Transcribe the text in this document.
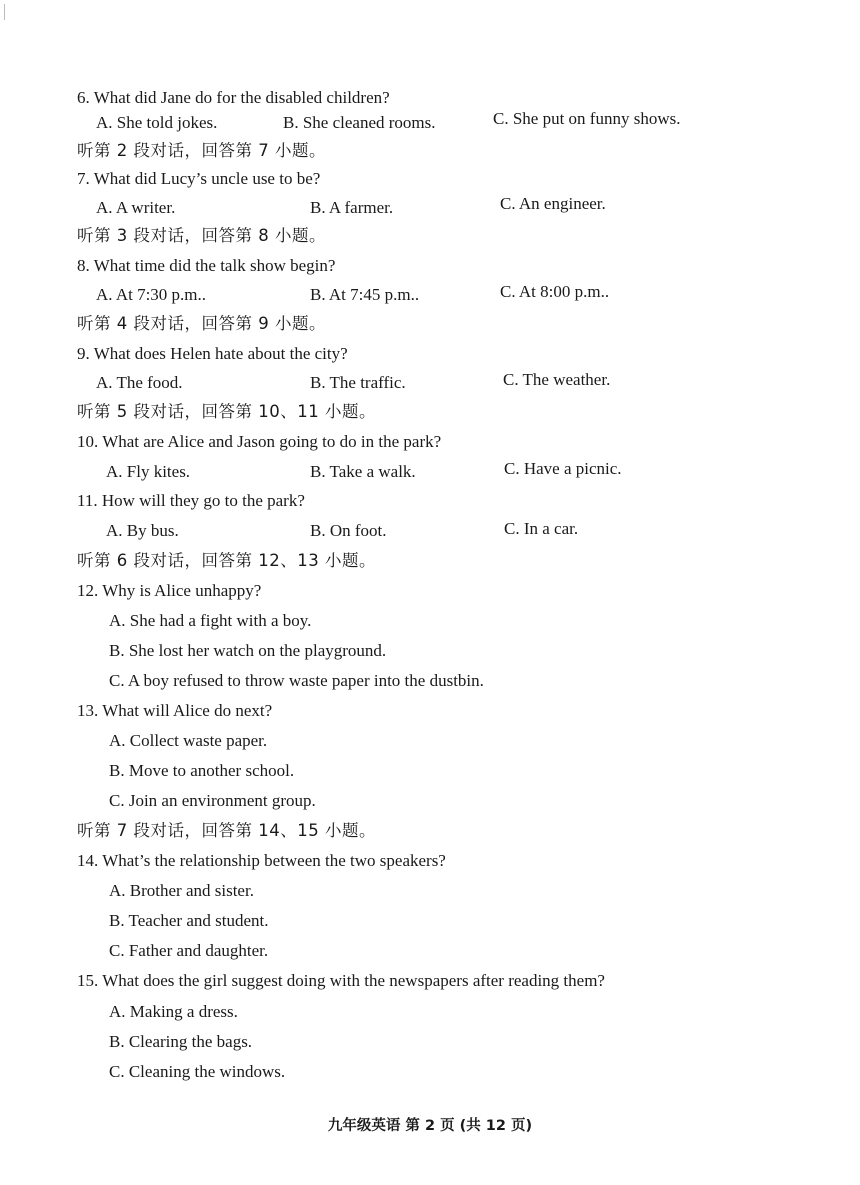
6. What did Jane do for the disabled children?
A. She told jokes.	B. She cleaned rooms.	C. She put on funny shows.
听第 2 段对话，回答第 7 小题。
7. What did Lucy’s uncle use to be?
A. A writer.	B. A farmer.	C. An engineer.
听第 3 段对话，回答第 8 小题。
8. What time did the talk show begin?
A. At 7:30 p.m..	B. At 7:45 p.m..	C. At 8:00 p.m..
听第 4 段对话，回答第 9 小题。
9. What does Helen hate about the city?
A. The food.	B. The traffic.	C. The weather.
听第 5 段对话，回答第 10、11 小题。
10. What are Alice and Jason going to do in the park?
A. Fly kites.	B. Take a walk.	C. Have a picnic.
11. How will they go to the park?
A. By bus.	B. On foot.	C. In a car.
听第 6 段对话，回答第 12、13 小题。
12. Why is Alice unhappy?
A. She had a fight with a boy.
B. She lost her watch on the playground.
C. A boy refused to throw waste paper into the dustbin.
13. What will Alice do next?
A. Collect waste paper.
B. Move to another school.
C. Join an environment group.
听第 7 段对话，回答第 14、15 小题。
14. What’s the relationship between the two speakers?
A. Brother and sister.
B. Teacher and student.
C. Father and daughter.
15. What does the girl suggest doing with the newspapers after reading them?
A. Making a dress.
B. Clearing the bags.
C. Cleaning the windows.
九年级英语 第 2 页 (共 12 页)
